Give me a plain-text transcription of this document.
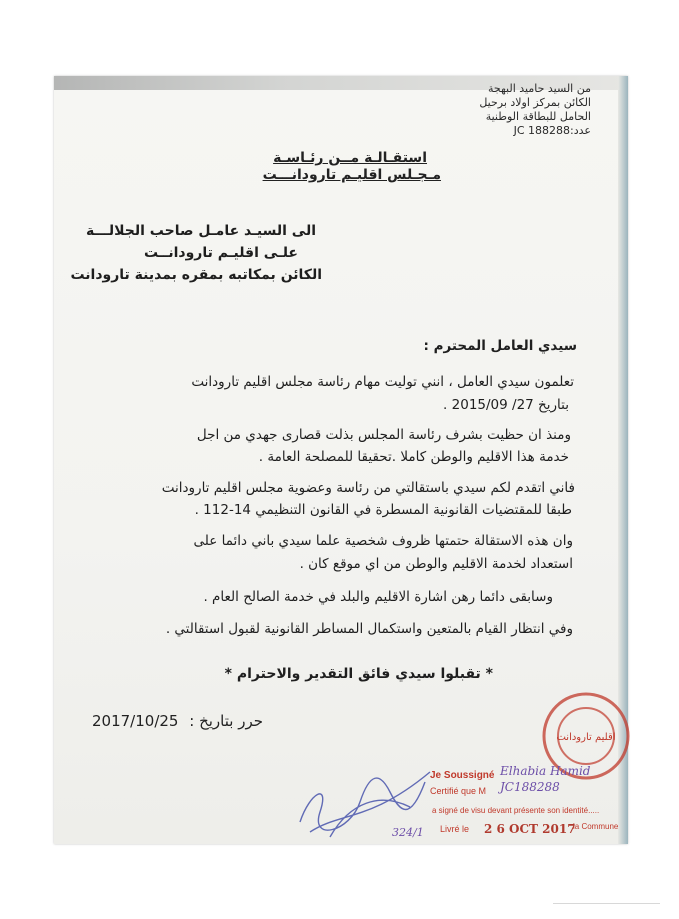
من السيد حاميد البهجة
الكائن بمركز اولاد برحيل
الحامل للبطاقة الوطنية
عدد:JC 188288
استقـالـة مــن رئـاسـة
مـجـلس اقليـم تارودانـــت
الى السيـد عامـل صاحب الجلالـــة
علـى اقليـم تارودانــت
الكائن بمكاتبه بمقره بمدينة تارودانت
سيدي العامل المحترم :
تعلمون سيدي العامل ، انني توليت مهام رئاسة مجلس اقليم تارودانت
بتاريخ 27/ 2015/09 .
ومنذ ان حظيت بشرف رئاسة المجلس بذلت قصارى جهدي من اجل
خدمة هذا الاقليم والوطن كاملا .تحقيقا للمصلحة العامة .
فاني اتقدم لكم سيدي باستقالتي من رئاسة وعضوية مجلس اقليم تارودانت
طبقا للمقتضيات القانونية المسطرة في القانون التنظيمي 14-112 .
وان هذه الاستقالة حتمتها ظروف شخصية علما سيدي باني دائما على
استعداد لخدمة الاقليم والوطن من اي موقع كان .
وسابقى دائما رهن اشارة الاقليم والبلد في خدمة الصالح العام .
وفي انتظار القيام بالمتعين واستكمال المساطر القانونية لقبول استقالتي .
* تقبلوا سيدي فائق التقدير والاحترام *
2017/10/25 حرر بتاريخ :
اقليم تارودانت
Je Soussigné
Certifié que M
a signé de visu devant présente son identité.....
Livré le	la Commune
Elhabia Hamid
JC188288
2 6 OCT 2017
324/1
